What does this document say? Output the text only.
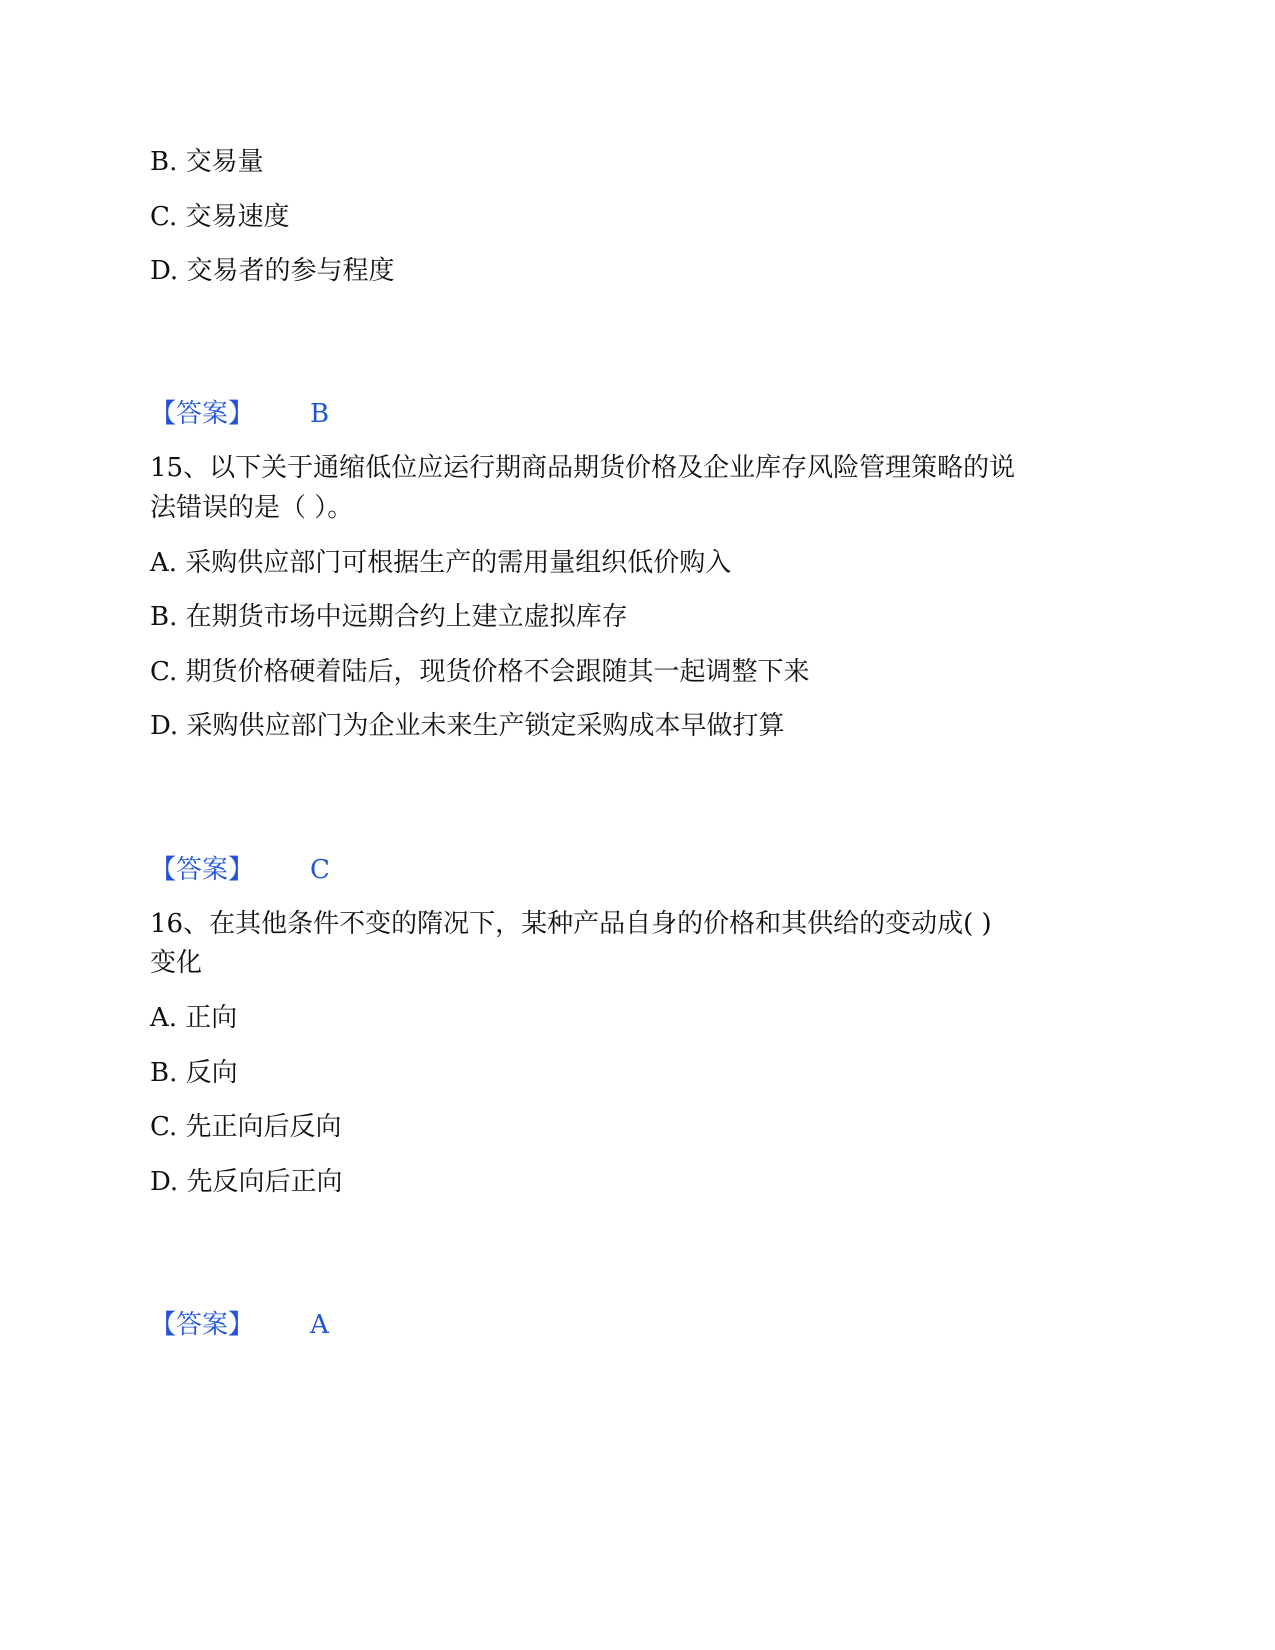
B. 交易量
C. 交易速度
D. 交易者的参与程度
【答案】 B
15、以下关于通缩低位应运行期商品期货价格及企业库存风险管理策略的说
法错误的是（ ）。
A. 采购供应部门可根据生产的需用量组织低价购入
B. 在期货市场中远期合约上建立虚拟库存
C. 期货价格硬着陆后，现货价格不会跟随其一起调整下来
D. 采购供应部门为企业未来生产锁定采购成本早做打算
【答案】 C
16、在其他条件不变的隋况下，某种产品自身的价格和其供给的变动成( )
变化
A. 正向
B. 反向
C. 先正向后反向
D. 先反向后正向
【答案】 A
